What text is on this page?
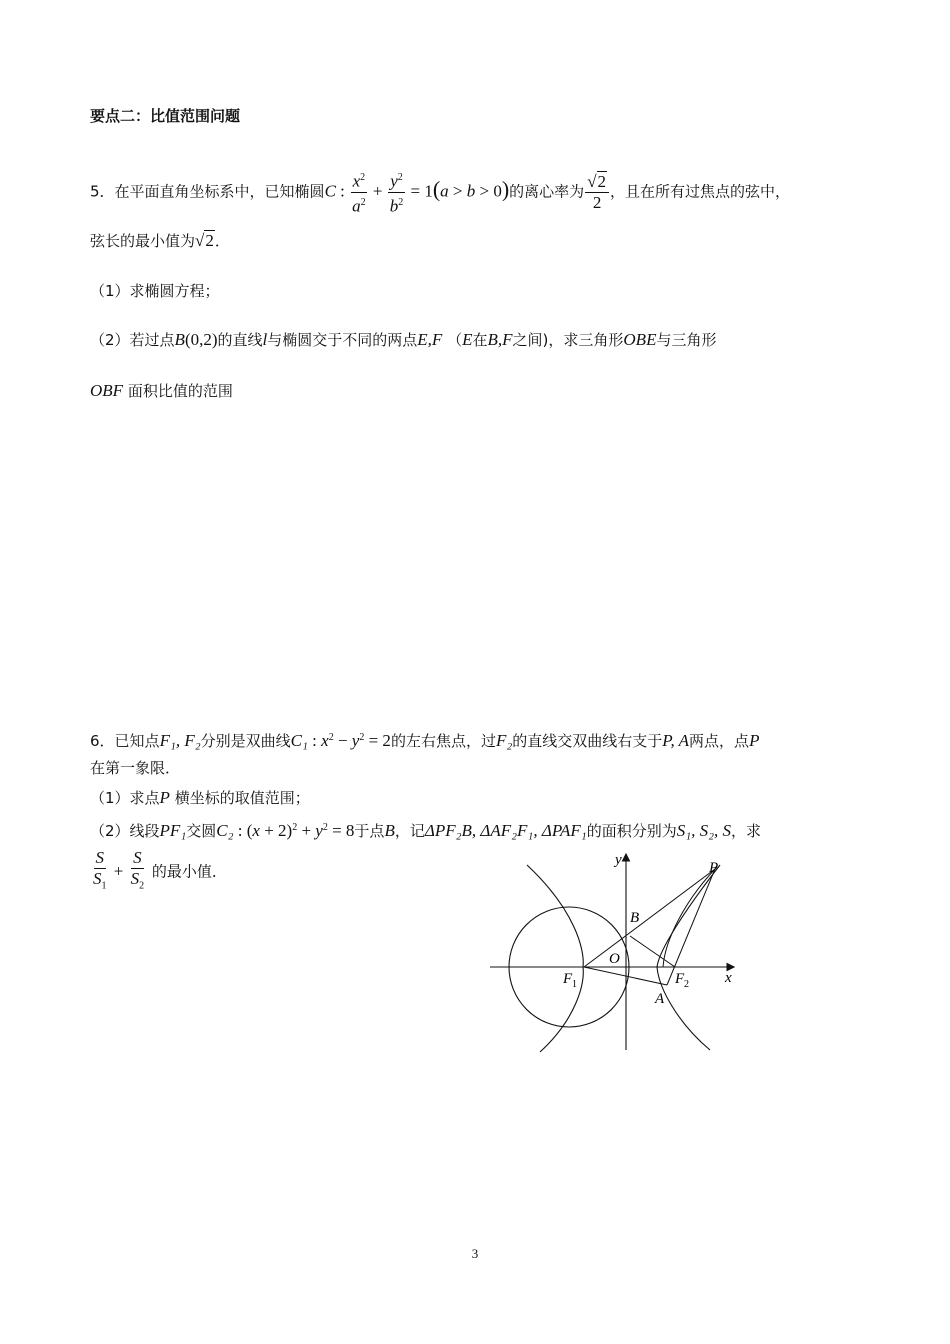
要点二：比值范围问题
5．在平面直角坐标系中，已知椭圆C : $\frac{x^2}{a^2} + \frac{y^2}{b^2} = 1(a > b > 0)$的离心率为 $\frac{√2}{2}$ ，且在所有过焦点的弦中，
弦长的最小值为√2．
（1）求椭圆方程；
（2）若过点B(0,2)的直线l与椭圆交于不同的两点E,F （E在B,F之间)，求三角形OBE与三角形
OBF 面积比值的范围
6．已知点F₁, F₂分别是双曲线C₁ : $x^2 - y^2 = 2$的左右焦点，过F₂的直线交双曲线右支于P, A两点，点P
在第一象限．
（1）求点P 横坐标的取值范围；
（2）线段PF₁交圆C₂ : $(x + 2)^2 + y^2 = 8$于点B，记ΔPF₂B, ΔAF₂F₁, ΔPAF₁的面积分别为S₁, S₂, S，求
$\frac{S}{S_1} + \frac{S}{S_2}$ 的最小值．
y
x
O
P
B
A
F 1	F 2
3
